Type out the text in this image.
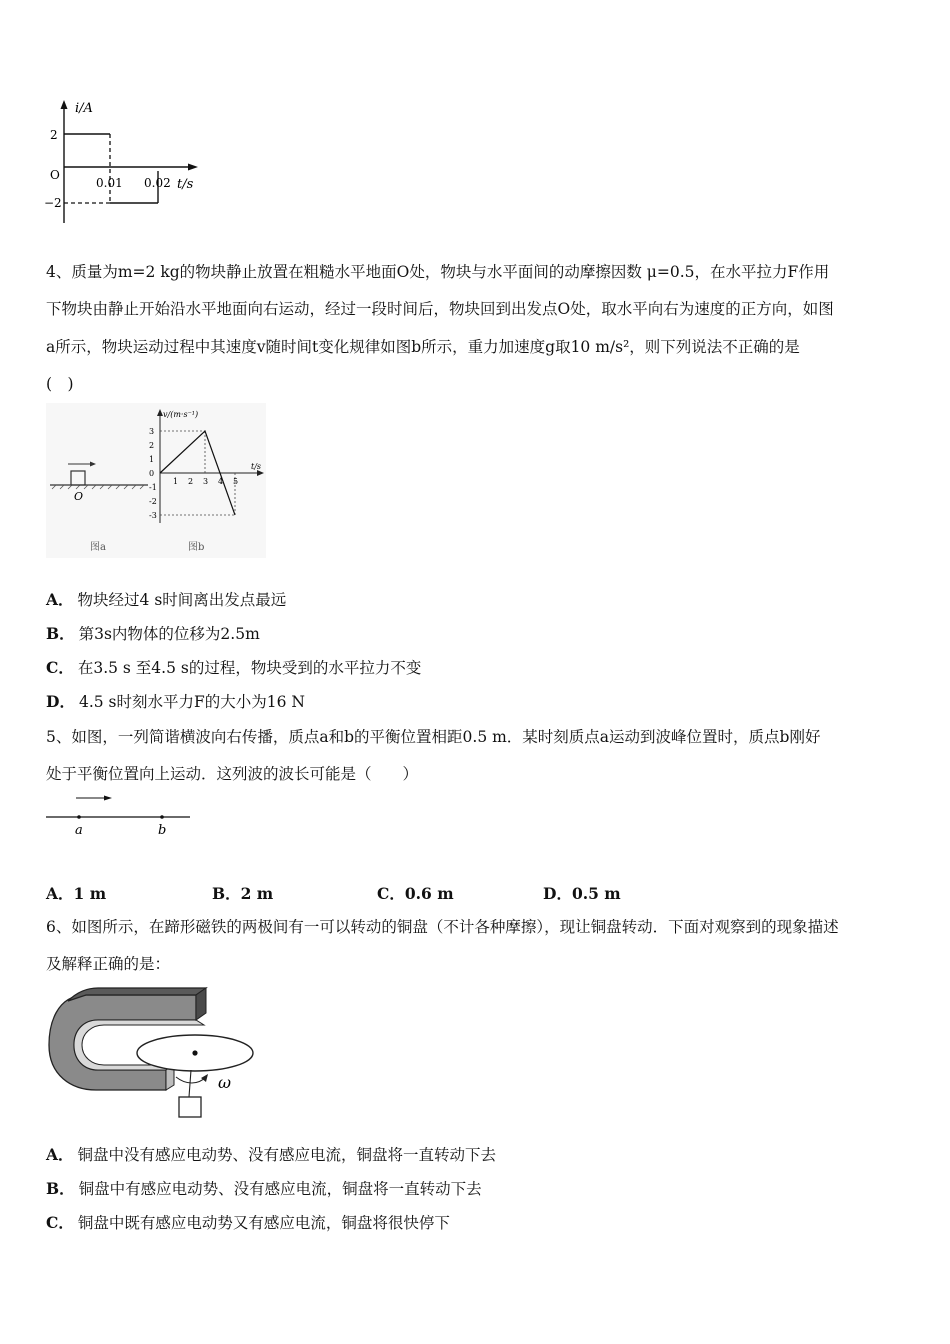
i/A
2
O
−2
0.01 0.02 t/s
4、质量为m=2 kg的物块静止放置在粗糙水平地面O处，物块与水平面间的动摩擦因数 μ=0.5，在水平拉力F作用
下物块由静止开始沿水平地面向右运动，经过一段时间后，物块回到出发点O处，取水平向右为速度的正方向，如图
a所示，物块运动过程中其速度v随时间t变化规律如图b所示，重力加速度g取10 m/s²，则下列说法不正确的是
(　)
O
图a
3
2
1
0
-1
-2
-3
1 2 3 4 5
v/(m·s⁻¹)
t/s
图b
A． 物块经过4 s时间离出发点最远
B． 第3s内物体的位移为2.5m
C． 在3.5 s 至4.5 s的过程，物块受到的水平拉力不变
D． 4.5 s时刻水平力F的大小为16 N
5、如图，一列简谐横波向右传播，质点a和b的平衡位置相距0.5 m．某时刻质点a运动到波峰位置时，质点b刚好
处于平衡位置向上运动．这列波的波长可能是（　　）
a	b
A．1 m	B．2 m	C．0.6 m	D．0.5 m
6、如图所示，在蹄形磁铁的两极间有一可以转动的铜盘（不计各种摩擦），现让铜盘转动．下面对观察到的现象描述
及解释正确的是：
ω
A． 铜盘中没有感应电动势、没有感应电流，铜盘将一直转动下去
B． 铜盘中有感应电动势、没有感应电流，铜盘将一直转动下去
C． 铜盘中既有感应电动势又有感应电流，铜盘将很快停下
